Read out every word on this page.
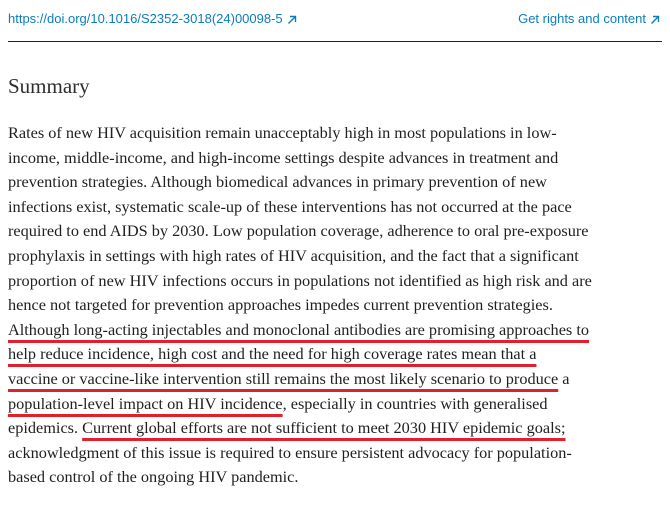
https://doi.org/10.1016/S2352-3018(24)00098-5	Get rights and content
Summary

Rates of new HIV acquisition remain unacceptably high in most populations in low-
income, middle-income, and high-income settings despite advances in treatment and
prevention strategies. Although biomedical advances in primary prevention of new
infections exist, systematic scale-up of these interventions has not occurred at the pace
required to end AIDS by 2030. Low population coverage, adherence to oral pre-exposure
prophylaxis in settings with high rates of HIV acquisition, and the fact that a significant
proportion of new HIV infections occurs in populations not identified as high risk and are
hence not targeted for prevention approaches impedes current prevention strategies.
Although long-acting injectables and monoclonal antibodies are promising approaches to
help reduce incidence, high cost and the need for high coverage rates mean that a
vaccine or vaccine-like intervention still remains the most likely scenario to produce a
population-level impact on HIV incidence, especially in countries with generalised
epidemics. Current global efforts are not sufficient to meet 2030 HIV epidemic goals;
acknowledgment of this issue is required to ensure persistent advocacy for population-
based control of the ongoing HIV pandemic.
